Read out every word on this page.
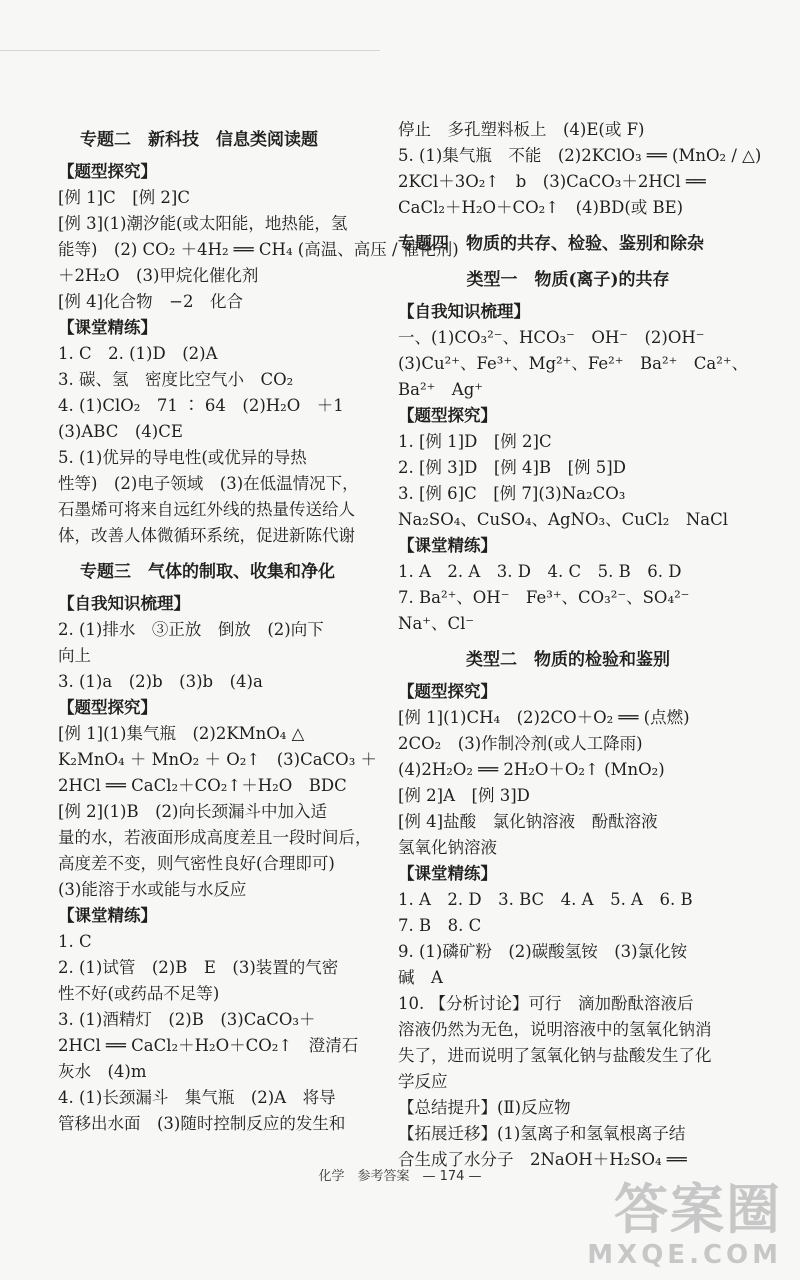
专题二　新科技　信息类阅读题
【题型探究】
[例 1]C　[例 2]C
[例 3](1)潮汐能(或太阳能，地热能，氢
能等)　(2) CO₂ ＋4H₂ ══ CH₄ (高温、高压 / 催化剂)
＋2H₂O　(3)甲烷化催化剂
[例 4]化合物　−2　化合
【课堂精练】
1. C　2. (1)D　(2)A
3. 碳、氢　密度比空气小　CO₂
4. (1)ClO₂　71 ∶ 64　(2)H₂O　＋1
(3)ABC　(4)CE
5. (1)优异的导电性(或优异的导热
性等)　(2)电子领域　(3)在低温情况下，
石墨烯可将来自远红外线的热量传送给人
体，改善人体微循环系统，促进新陈代谢
专题三　气体的制取、收集和净化
【自我知识梳理】
2. (1)排水　③正放　倒放　(2)向下
向上
3. (1)a　(2)b　(3)b　(4)a
【题型探究】
[例 1](1)集气瓶　(2)2KMnO₄ △
K₂MnO₄ ＋ MnO₂ ＋ O₂↑　(3)CaCO₃ ＋
2HCl ══ CaCl₂＋CO₂↑＋H₂O　BDC
[例 2](1)B　(2)向长颈漏斗中加入适
量的水，若液面形成高度差且一段时间后，
高度差不变，则气密性良好(合理即可)
(3)能溶于水或能与水反应
【课堂精练】
1. C
2. (1)试管　(2)B　E　(3)装置的气密
性不好(或药品不足等)
3. (1)酒精灯　(2)B　(3)CaCO₃＋
2HCl ══ CaCl₂＋H₂O＋CO₂↑　澄清石
灰水　(4)m
4. (1)长颈漏斗　集气瓶　(2)A　将导
管移出水面　(3)随时控制反应的发生和
停止　多孔塑料板上　(4)E(或 F)
5. (1)集气瓶　不能　(2)2KClO₃ ══ (MnO₂ / △)
2KCl＋3O₂↑　b　(3)CaCO₃＋2HCl ══
CaCl₂＋H₂O＋CO₂↑　(4)BD(或 BE)
专题四　物质的共存、检验、鉴别和除杂
类型一　物质(离子)的共存
【自我知识梳理】
一、(1)CO₃²⁻、HCO₃⁻　OH⁻　(2)OH⁻
(3)Cu²⁺、Fe³⁺、Mg²⁺、Fe²⁺　Ba²⁺　Ca²⁺、
Ba²⁺　Ag⁺
【题型探究】
1. [例 1]D　[例 2]C
2. [例 3]D　[例 4]B　[例 5]D
3. [例 6]C　[例 7](3)Na₂CO₃
Na₂SO₄、CuSO₄、AgNO₃、CuCl₂　NaCl
【课堂精练】
1. A　2. A　3. D　4. C　5. B　6. D
7. Ba²⁺、OH⁻　Fe³⁺、CO₃²⁻、SO₄²⁻
Na⁺、Cl⁻
类型二　物质的检验和鉴别
【题型探究】
[例 1](1)CH₄　(2)2CO＋O₂ ══ (点燃)
2CO₂　(3)作制冷剂(或人工降雨)
(4)2H₂O₂ ══ 2H₂O＋O₂↑ (MnO₂)
[例 2]A　[例 3]D
[例 4]盐酸　氯化钠溶液　酚酞溶液
氢氧化钠溶液
【课堂精练】
1. A　2. D　3. BC　4. A　5. A　6. B
7. B　8. C
9. (1)磷矿粉　(2)碳酸氢铵　(3)氯化铵
碱　A
10. 【分析讨论】可行　滴加酚酞溶液后
溶液仍然为无色，说明溶液中的氢氧化钠消
失了，进而说明了氢氧化钠与盐酸发生了化
学反应
【总结提升】(Ⅱ)反应物
【拓展迁移】(1)氢离子和氢氧根离子结
合生成了水分子　2NaOH＋H₂SO₄ ══
化学　参考答案　— 174 —
答案圈
MXQE.COM
